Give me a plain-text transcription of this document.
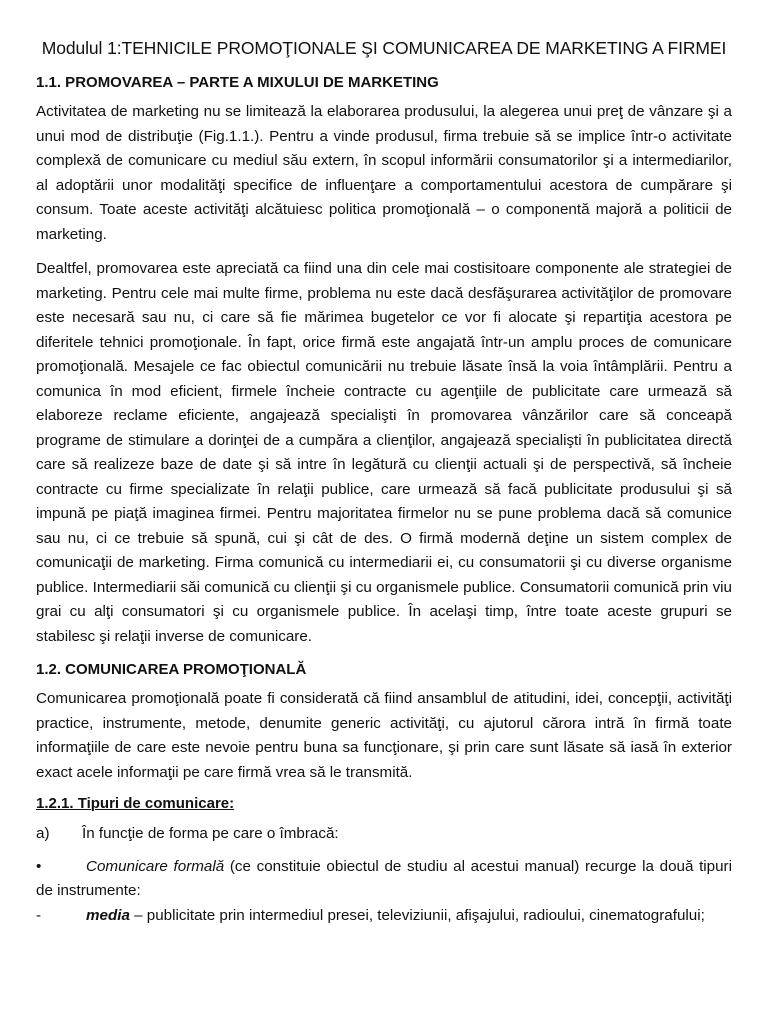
Modulul 1:TEHNICILE PROMOŢIONALE ŞI COMUNICAREA DE MARKETING A FIRMEI
1.1. PROMOVAREA – PARTE A MIXULUI DE MARKETING

Activitatea de marketing nu se limitează la elaborarea produsului, la alegerea unui preţ de vânzare şi a unui mod de distribuţie (Fig.1.1.). Pentru a vinde produsul, firma trebuie să se implice într-o activitate complexă de comunicare cu mediul său extern, în scopul informării consumatorilor şi a intermediarilor, al adoptării unor modalităţi specifice de influenţare a comportamentului acestora de cumpărare şi consum. Toate aceste activităţi alcătuiesc politica promoţională – o componentă majoră a politicii de marketing.

Dealtfel, promovarea este apreciată ca fiind una din cele mai costisitoare componente ale strategiei de marketing. Pentru cele mai multe firme, problema nu este dacă desfăşurarea activităţilor de promovare este necesară sau nu, ci care să fie mărimea bugetelor ce vor fi alocate şi repartiţia acestora pe diferitele tehnici promoţionale. În fapt, orice firmă este angajată într-un amplu proces de comunicare promoţională. Mesajele ce fac obiectul comunicării nu trebuie lăsate însă la voia întâmplării. Pentru a comunica în mod eficient, firmele încheie contracte cu agenţiile de publicitate care urmează să elaboreze reclame eficiente, angajează specialişti în promovarea vânzărilor care să conceapă programe de stimulare a dorinţei de a cumpăra a clienţilor, angajează specialişti în publicitatea directă care să realizeze baze de date şi să intre în legătură cu clienţii actuali şi de perspectivă, să încheie contracte cu firme specializate în relaţii publice, care urmează să facă publicitate produsului şi să impună pe piaţă imaginea firmei. Pentru majoritatea firmelor nu se pune problema dacă să comunice sau nu, ci ce trebuie să spună, cui şi cât de des. O firmă modernă deţine un sistem complex de comunicaţii de marketing. Firma comunică cu intermediarii ei, cu consumatorii şi cu diverse organisme publice. Intermediarii săi comunică cu clienţii şi cu organismele publice. Consumatorii comunică prin viu grai cu alţi consumatori şi cu organismele publice. În acelaşi timp, între toate aceste grupuri se stabilesc şi relaţii inverse de comunicare.

1.2. COMUNICAREA PROMOŢIONALĂ

Comunicarea promoţională poate fi considerată că fiind ansamblul de atitudini, idei, concepţii, activităţi practice, instrumente, metode, denumite generic activităţi, cu ajutorul cărora intră în firmă toate informaţiile de care este nevoie pentru buna sa funcţionare, şi prin care sunt lăsate să iasă în exterior exact acele informaţii pe care firmă vrea să le transmită.

1.2.1. Tipuri de comunicare:
a)	În funcţie de forma pe care o îmbracă:
•	Comunicare formală (ce constituie obiectul de studiu al acestui manual) recurge la două tipuri de instrumente:
-	media – publicitate prin intermediul presei, televiziunii, afişajului, radioului, cinematografului;
